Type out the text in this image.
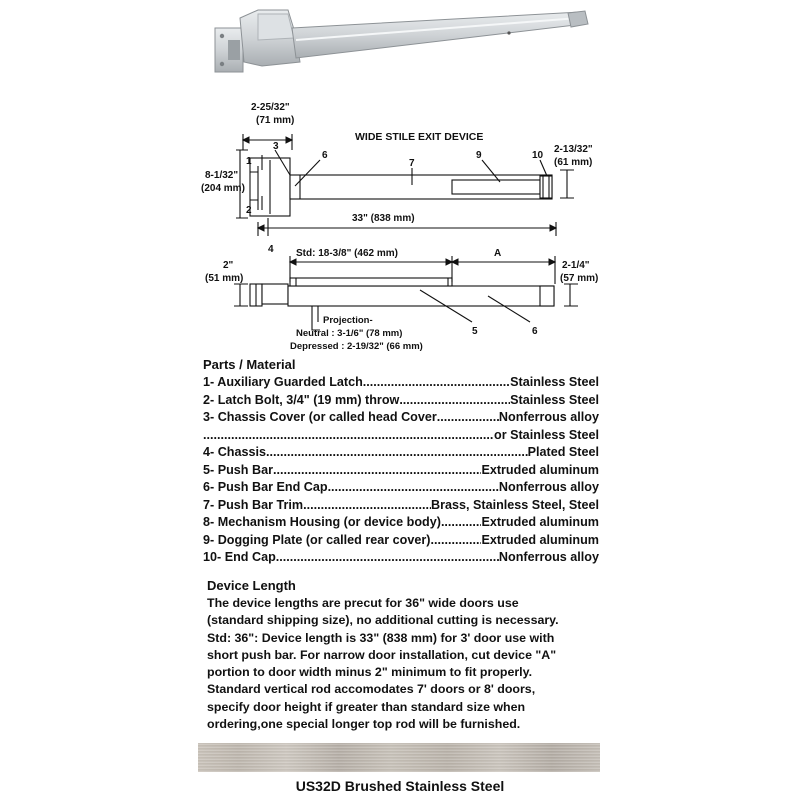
WIDE STILE EXIT DEVICE
2-25/32"
(71 mm)
8-1/32"
(204 mm)
33" (838 mm)
2-13/32"
(61 mm)
2"
(51 mm)
Std: 18-3/8" (462 mm)	A
2-1/4"
(57 mm)
Projection-
Neutral : 3-1/6" (78 mm)
Depressed : 2-19/32" (66 mm)
1
2
3
4
5
6
6
7
9	10
Parts / Material
1- Auxiliary Guarded Latch .....	Stainless Steel
2- Latch Bolt, 3/4" (19 mm) throw .....	Stainless Steel
3- Chassis Cover (or called head Cover .....	Nonferrous alloy
.....
or Stainless Steel
4- Chassis .....	Plated Steel
5- Push Bar .....	Extruded aluminum
6- Push Bar End Cap .....	Nonferrous alloy
7- Push Bar Trim .....	Brass, Stainless Steel, Steel
8- Mechanism Housing (or device body) .....	Extruded aluminum
9- Dogging Plate (or called rear cover) .....	Extruded aluminum
10- End Cap .....	Nonferrous alloy
Device Length
The device lengths are precut for 36" wide doors use
(standard shipping size), no additional cutting is necessary.
Std: 36": Device length is 33" (838 mm) for 3' door use with
short push bar. For narrow door installation, cut device "A"
portion to door width minus 2" minimum to fit properly.
Standard vertical rod accomodates 7' doors or 8' doors,
specify door height if greater than standard size when
ordering,one special longer top rod will be furnished.
US32D Brushed Stainless Steel
